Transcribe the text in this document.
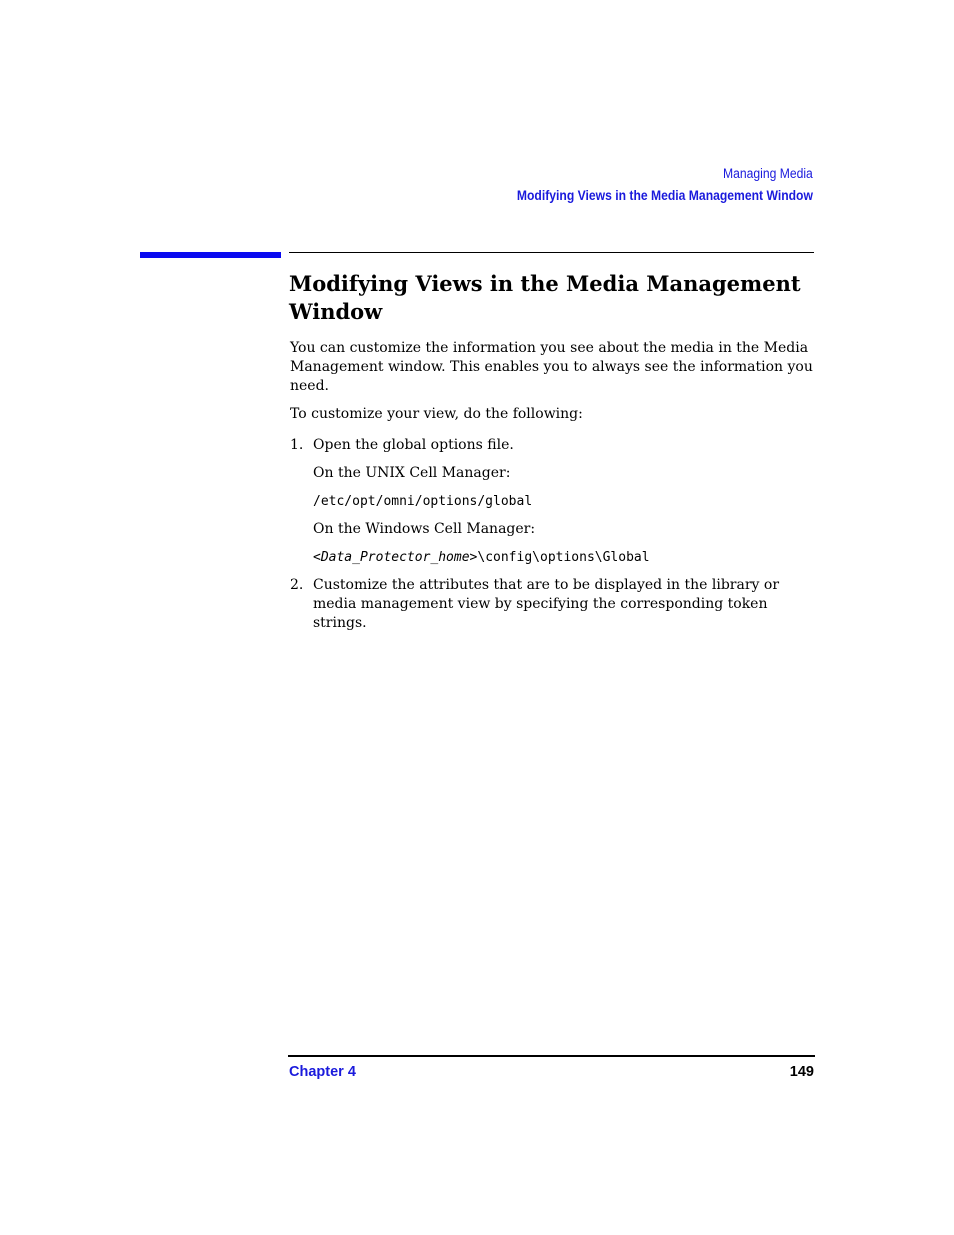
Managing Media
Modifying Views in the Media Management Window
Modifying Views in the Media Management Window

You can customize the information you see about the media in the Media Management window. This enables you to always see the information you need.

To customize your view, do the following:

1. Open the global options file.

On the UNIX Cell Manager:

/etc/opt/omni/options/global

On the Windows Cell Manager:

<Data_Protector_home>\config\options\Global
2. Customize the attributes that are to be displayed in the library or media management view by specifying the corresponding token strings.

Chapter 4	149
